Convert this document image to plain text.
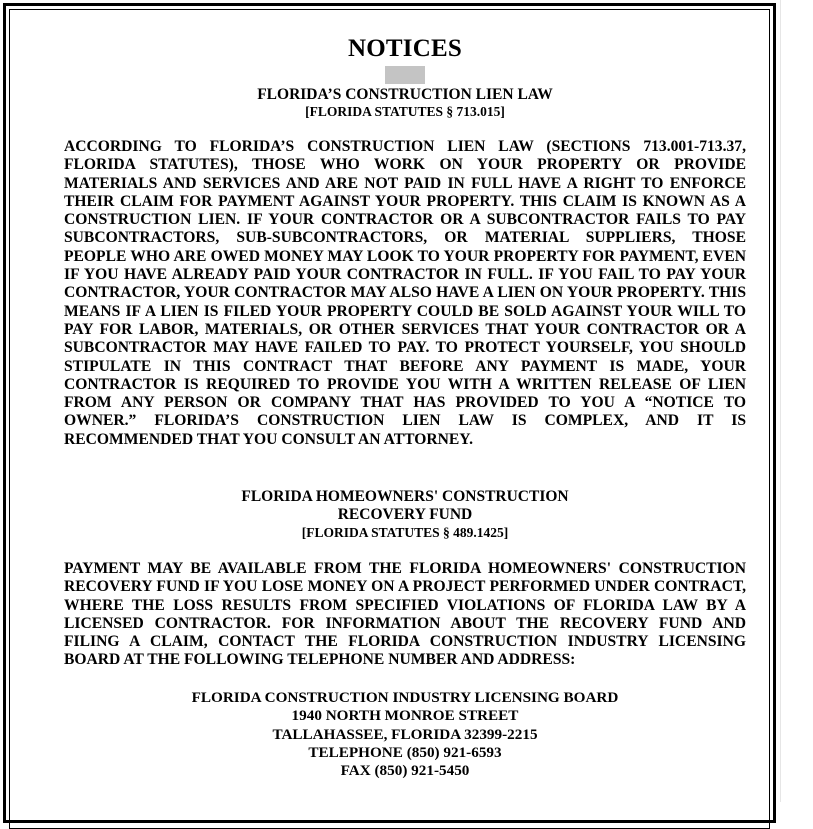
NOTICES
FLORIDA’S CONSTRUCTION LIEN LAW
[FLORIDA STATUTES § 713.015]
ACCORDING TO FLORIDA’S CONSTRUCTION LIEN LAW (SECTIONS 713.001-713.37, FLORIDA STATUTES), THOSE WHO WORK ON YOUR PROPERTY OR PROVIDE MATERIALS AND SERVICES AND ARE NOT PAID IN FULL HAVE A RIGHT TO ENFORCE THEIR CLAIM FOR PAYMENT AGAINST YOUR PROPERTY. THIS CLAIM IS KNOWN AS A CONSTRUCTION LIEN. IF YOUR CONTRACTOR OR A SUBCONTRACTOR FAILS TO PAY SUBCONTRACTORS, SUB-SUBCONTRACTORS, OR MATERIAL SUPPLIERS, THOSE PEOPLE WHO ARE OWED MONEY MAY LOOK TO YOUR PROPERTY FOR PAYMENT, EVEN IF YOU HAVE ALREADY PAID YOUR CONTRACTOR IN FULL. IF YOU FAIL TO PAY YOUR CONTRACTOR, YOUR CONTRACTOR MAY ALSO HAVE A LIEN ON YOUR PROPERTY. THIS MEANS IF A LIEN IS FILED YOUR PROPERTY COULD BE SOLD AGAINST YOUR WILL TO PAY FOR LABOR, MATERIALS, OR OTHER SERVICES THAT YOUR CONTRACTOR OR A SUBCONTRACTOR MAY HAVE FAILED TO PAY. TO PROTECT YOURSELF, YOU SHOULD STIPULATE IN THIS CONTRACT THAT BEFORE ANY PAYMENT IS MADE, YOUR CONTRACTOR IS REQUIRED TO PROVIDE YOU WITH A WRITTEN RELEASE OF LIEN FROM ANY PERSON OR COMPANY THAT HAS PROVIDED TO YOU A “NOTICE TO OWNER.” FLORIDA’S CONSTRUCTION LIEN LAW IS COMPLEX, AND IT IS RECOMMENDED THAT YOU CONSULT AN ATTORNEY.
FLORIDA HOMEOWNERS' CONSTRUCTION
RECOVERY FUND
[FLORIDA STATUTES § 489.1425]
PAYMENT MAY BE AVAILABLE FROM THE FLORIDA HOMEOWNERS' CONSTRUCTION RECOVERY FUND IF YOU LOSE MONEY ON A PROJECT PERFORMED UNDER CONTRACT, WHERE THE LOSS RESULTS FROM SPECIFIED VIOLATIONS OF FLORIDA LAW BY A LICENSED CONTRACTOR. FOR INFORMATION ABOUT THE RECOVERY FUND AND FILING A CLAIM, CONTACT THE FLORIDA CONSTRUCTION INDUSTRY LICENSING BOARD AT THE FOLLOWING TELEPHONE NUMBER AND ADDRESS:
FLORIDA CONSTRUCTION INDUSTRY LICENSING BOARD
1940 NORTH MONROE STREET
TALLAHASSEE, FLORIDA 32399-2215
TELEPHONE (850) 921-6593
FAX (850) 921-5450
